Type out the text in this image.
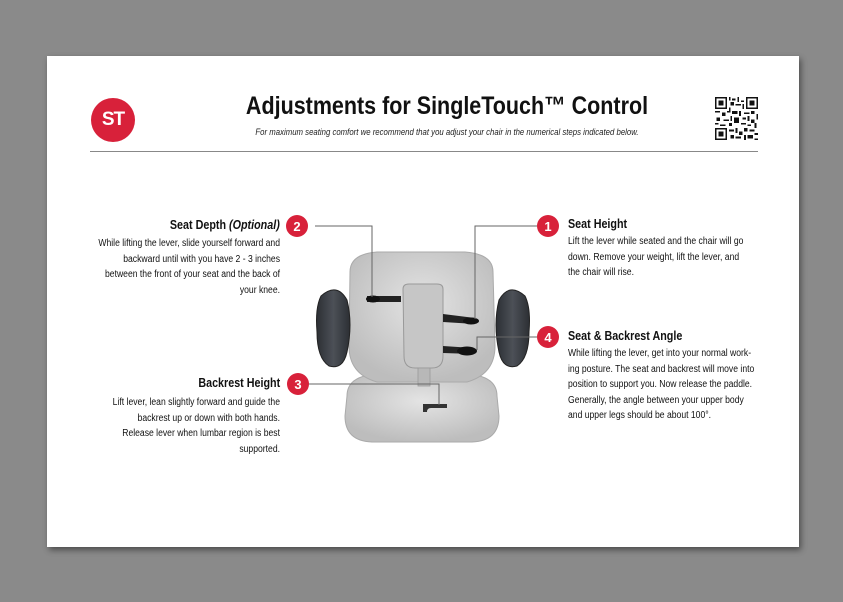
ST	Adjustments for SingleTouch™ Control
For maximum seating comfort we recommend that you adjust your chair in the numerical steps indicated below.
Seat Depth (Optional)
While lifting the lever, slide yourself forward and backward until with you have 2 - 3 inches between the front of your seat and the back of your knee.
2
Backrest Height
Lift lever, lean slightly forward and guide the backrest up or down with both hands. Release lever when lumbar region is best supported.
3
1	Seat Height
Lift the lever while seated and the chair will go down. Remove your weight, lift the lever, and the chair will rise.
4	Seat & Backrest Angle
While lifting the lever, get into your normal work-ing posture. The seat and backrest will move into position to support you. Now release the paddle. Generally, the angle between your upper body and upper legs should be about 100°.
